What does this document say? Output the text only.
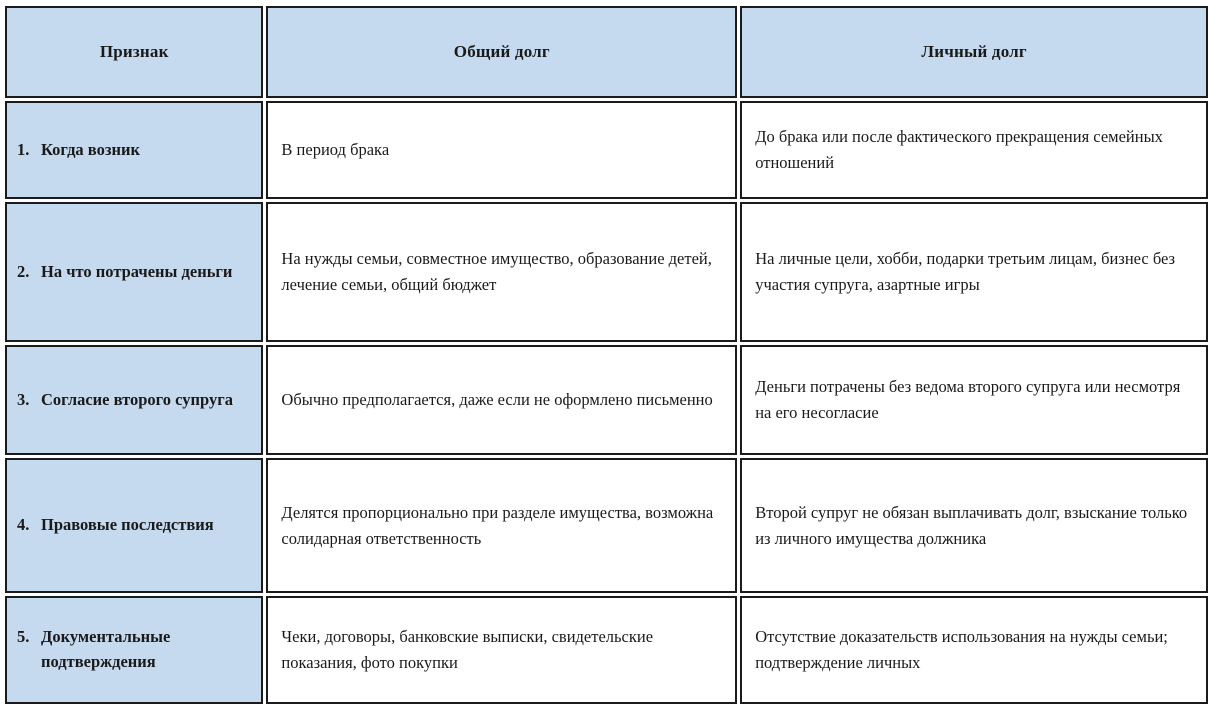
Признак	Общий долг	Личный долг

1. Когда возник	В период брака	До брака или после фактического прекращения семейных отношений

2. На что потрачены деньги	На нужды семьи, совместное имущество, образование детей, лечение семьи, общий бюджет	На личные цели, хобби, подарки третьим лицам, бизнес без участия супруга, азартные игры

3. Согласие второго супруга	Обычно предполагается, даже если не оформлено письменно	Деньги потрачены без ведома второго супруга или несмотря на его несогласие

4. Правовые последствия	Делятся пропорционально при разделе имущества, возможна солидарная ответственность	Второй супруг не обязан выплачивать долг, взыскание только из личного имущества должника

5. Документальные подтверждения	Чеки, договоры, банковские выписки, свидетельские показания, фото покупки	Отсутствие доказательств использования на нужды семьи; подтверждение личных
